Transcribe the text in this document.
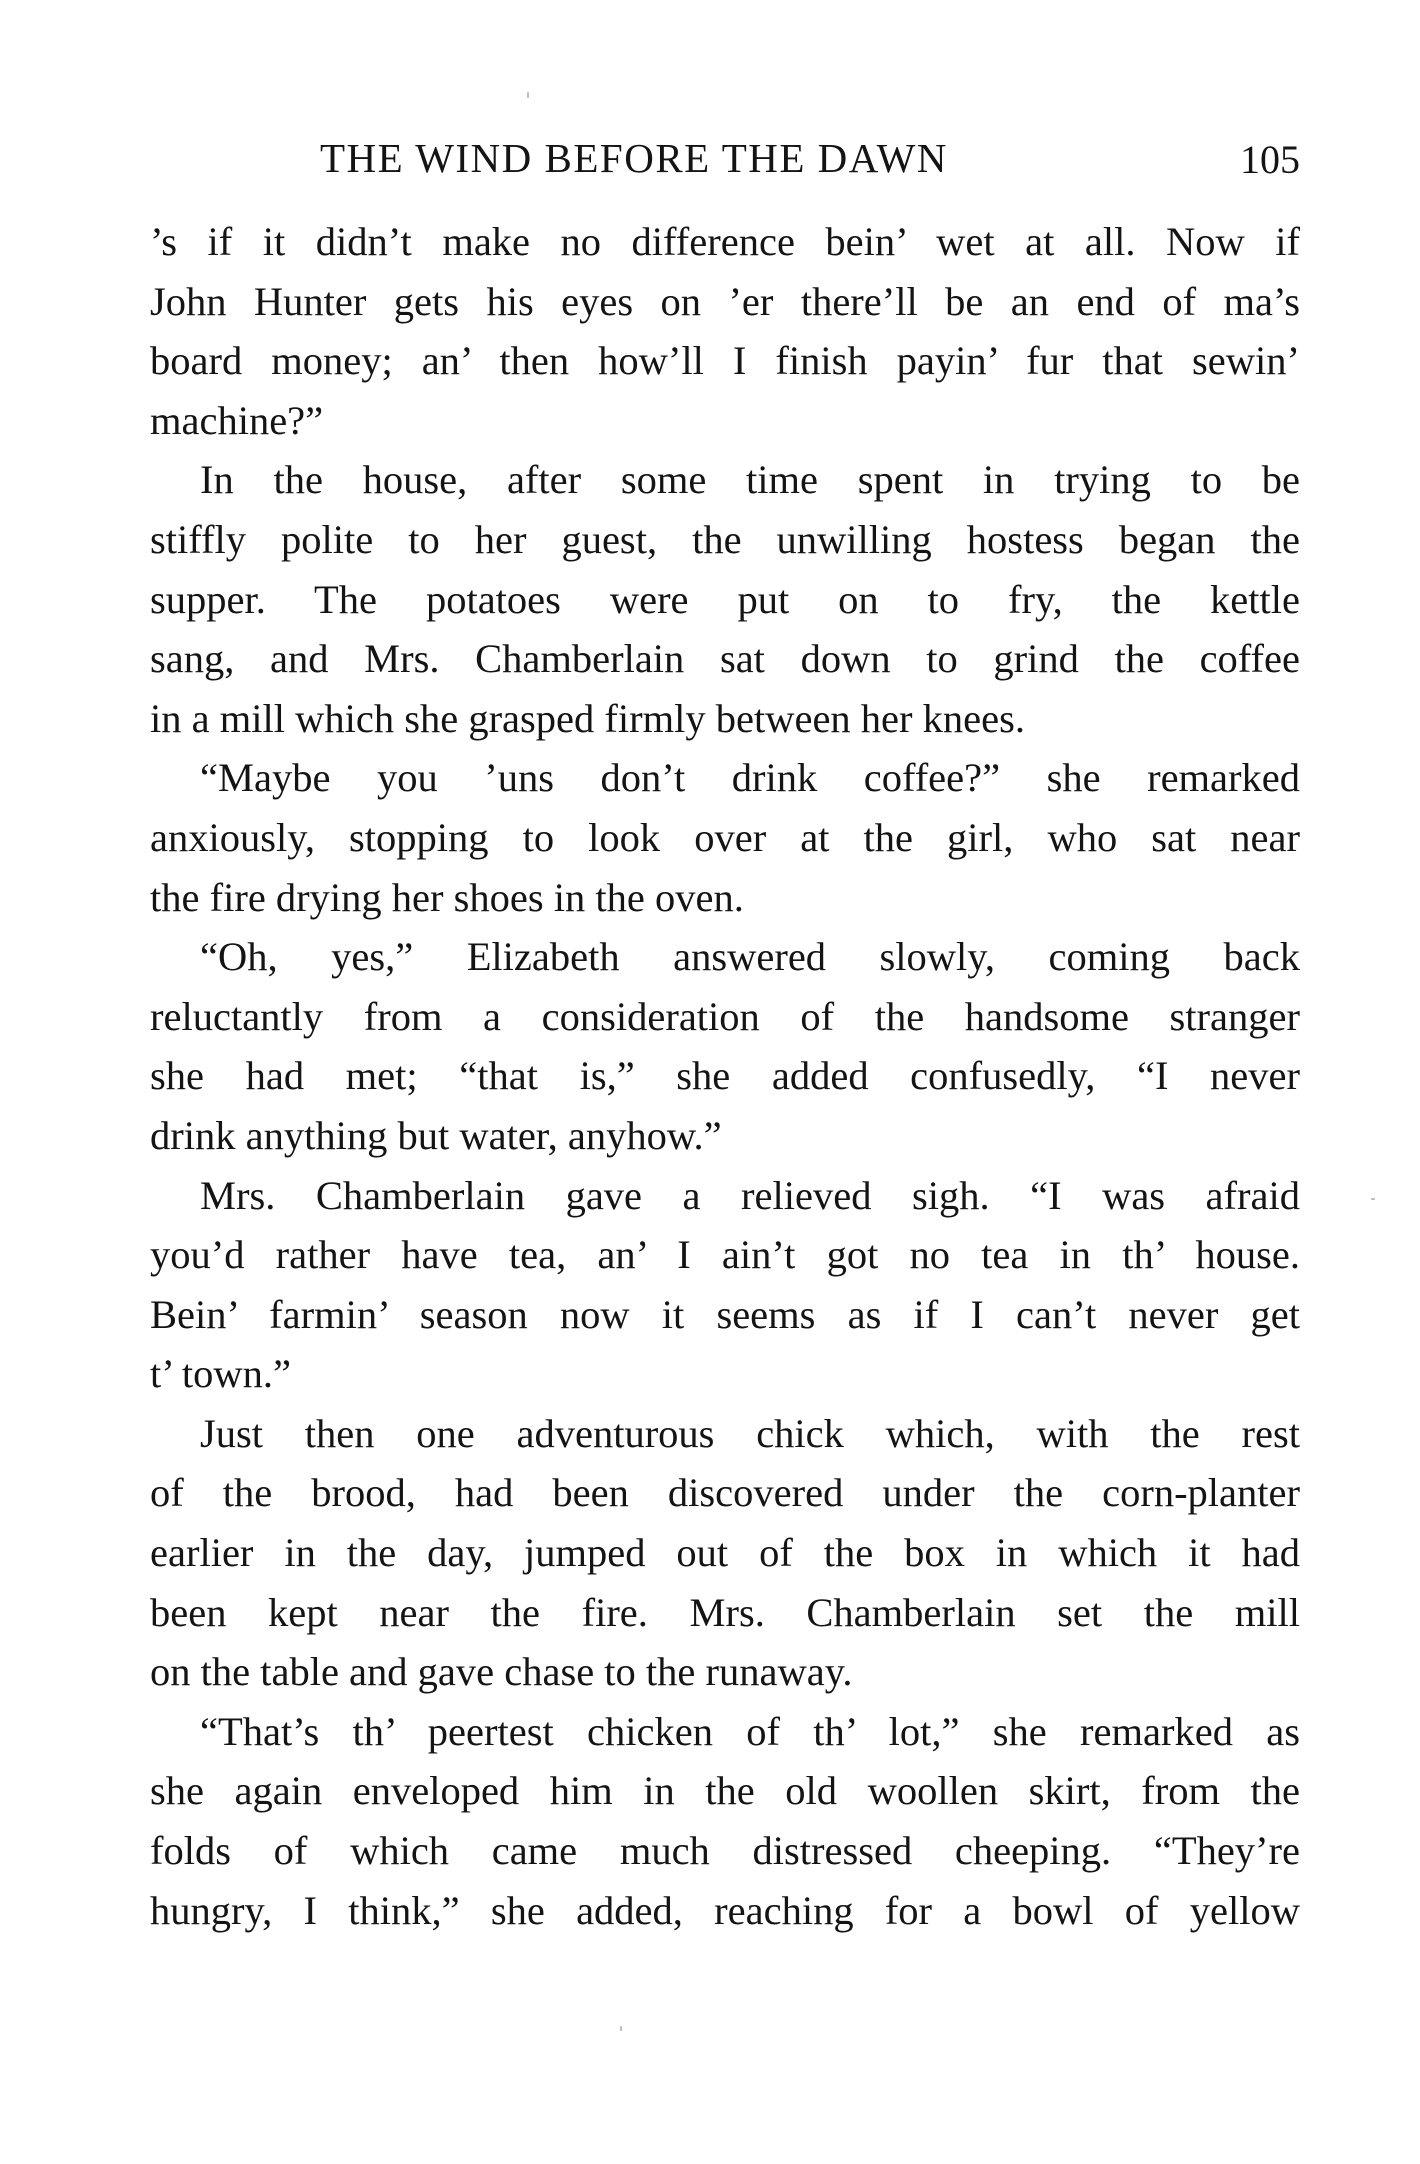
THE WIND BEFORE THE DAWN	105
’s if it didn’t make no difference bein’ wet at all. Now if
John Hunter gets his eyes on ’er there’ll be an end of ma’s
board money; an’ then how’ll I finish payin’ fur that sewin’
machine?”
In the house, after some time spent in trying to be
stiffly polite to her guest, the unwilling hostess began the
supper. The potatoes were put on to fry, the kettle
sang, and Mrs. Chamberlain sat down to grind the coffee
in a mill which she grasped firmly between her knees.
“Maybe you ’uns don’t drink coffee?” she remarked
anxiously, stopping to look over at the girl, who sat near
the fire drying her shoes in the oven.
“Oh, yes,” Elizabeth answered slowly, coming back
reluctantly from a consideration of the handsome stranger
she had met; “that is,” she added confusedly, “I never
drink anything but water, anyhow.”
Mrs. Chamberlain gave a relieved sigh. “I was afraid
you’d rather have tea, an’ I ain’t got no tea in th’ house.
Bein’ farmin’ season now it seems as if I can’t never get
t’ town.”
Just then one adventurous chick which, with the rest
of the brood, had been discovered under the corn-planter
earlier in the day, jumped out of the box in which it had
been kept near the fire. Mrs. Chamberlain set the mill
on the table and gave chase to the runaway.
“That’s th’ peertest chicken of th’ lot,” she remarked as
she again enveloped him in the old woollen skirt, from the
folds of which came much distressed cheeping. “They’re
hungry, I think,” she added, reaching for a bowl of yellow
